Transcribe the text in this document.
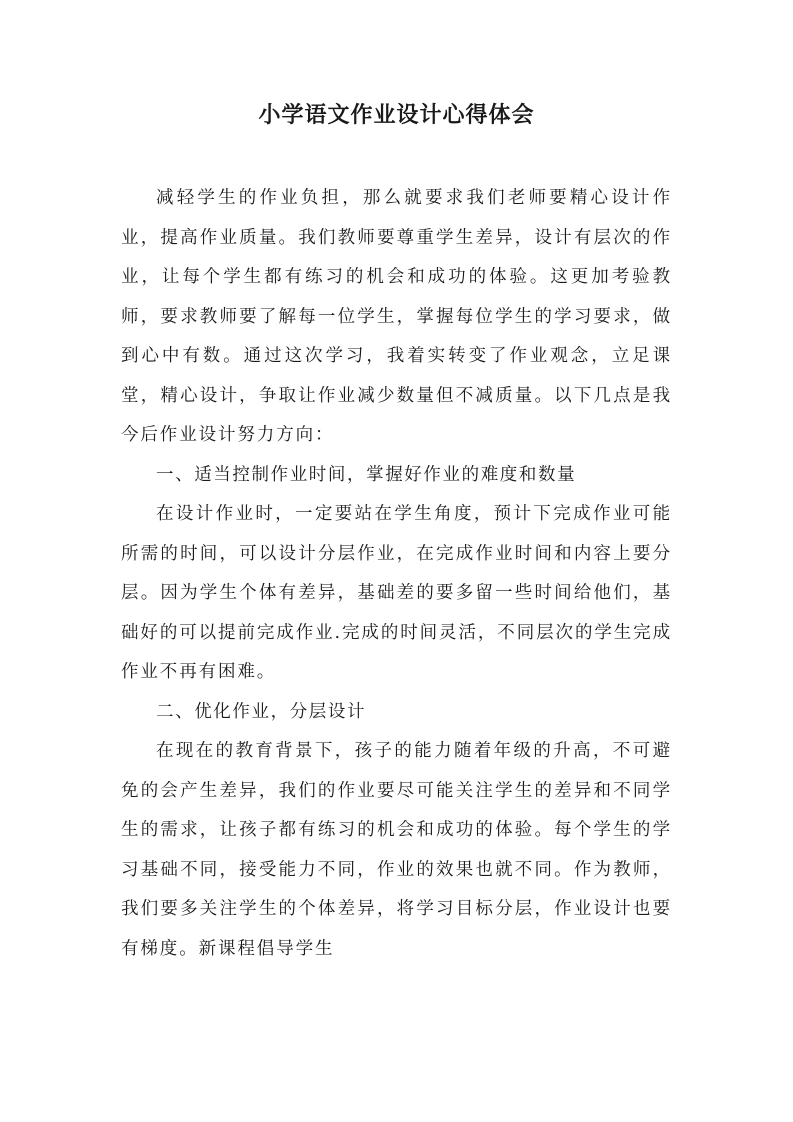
小学语文作业设计心得体会

减轻学生的作业负担，那么就要求我们老师要精心设计作业，提高作业质量。我们教师要尊重学生差异，设计有层次的作业，让每个学生都有练习的机会和成功的体验。这更加考验教师，要求教师要了解每一位学生，掌握每位学生的学习要求，做到心中有数。通过这次学习，我着实转变了作业观念，立足课堂，精心设计，争取让作业减少数量但不减质量。以下几点是我今后作业设计努力方向：

一、适当控制作业时间，掌握好作业的难度和数量

在设计作业时，一定要站在学生角度，预计下完成作业可能所需的时间，可以设计分层作业，在完成作业时间和内容上要分层。因为学生个体有差异，基础差的要多留一些时间给他们，基础好的可以提前完成作业.完成的时间灵活，不同层次的学生完成作业不再有困难。

二、优化作业，分层设计

在现在的教育背景下，孩子的能力随着年级的升高，不可避免的会产生差异，我们的作业要尽可能关注学生的差异和不同学生的需求，让孩子都有练习的机会和成功的体验。每个学生的学习基础不同，接受能力不同，作业的效果也就不同。作为教师，我们要多关注学生的个体差异，将学习目标分层，作业设计也要有梯度。新课程倡导学生
